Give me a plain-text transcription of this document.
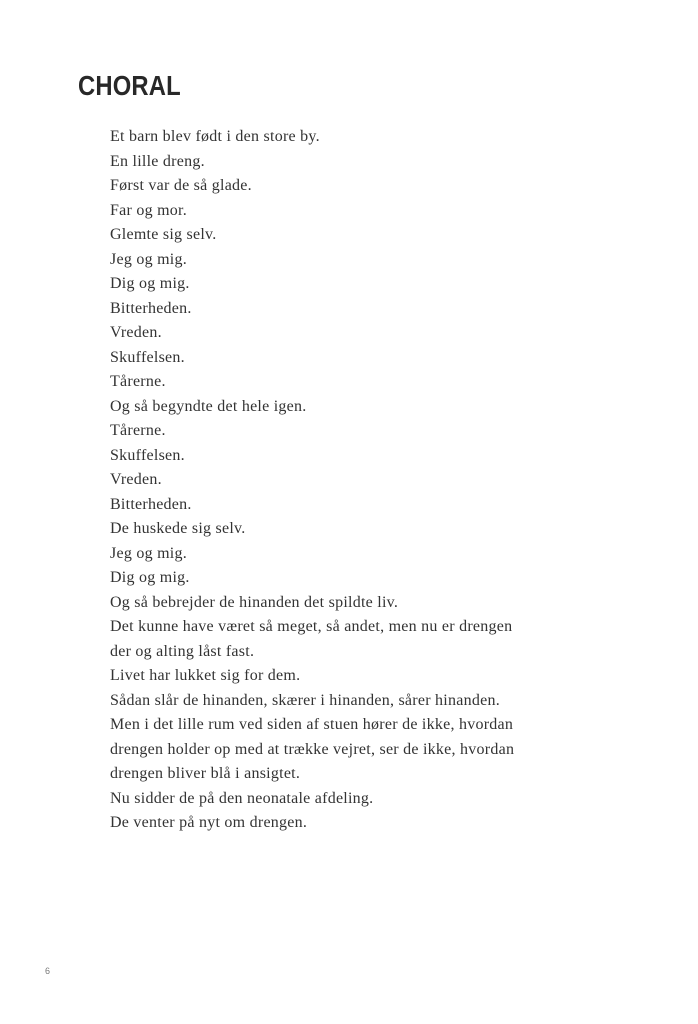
CHORAL

Et barn blev født i den store by.

En lille dreng.

Først var de så glade.

Far og mor.

Glemte sig selv.

Jeg og mig.

Dig og mig.

Bitterheden.

Vreden.

Skuffelsen.

Tårerne.

Og så begyndte det hele igen.

Tårerne.

Skuffelsen.

Vreden.

Bitterheden.

De huskede sig selv.

Jeg og mig.

Dig og mig.

Og så bebrejder de hinanden det spildte liv.

Det kunne have været så meget, så andet, men nu er drengen

der og alting låst fast.

Livet har lukket sig for dem.

Sådan slår de hinanden, skærer i hinanden, sårer hinanden.

Men i det lille rum ved siden af stuen hører de ikke, hvordan

drengen holder op med at trække vejret, ser de ikke, hvordan

drengen bliver blå i ansigtet.

Nu sidder de på den neonatale afdeling.

De venter på nyt om drengen.

6
